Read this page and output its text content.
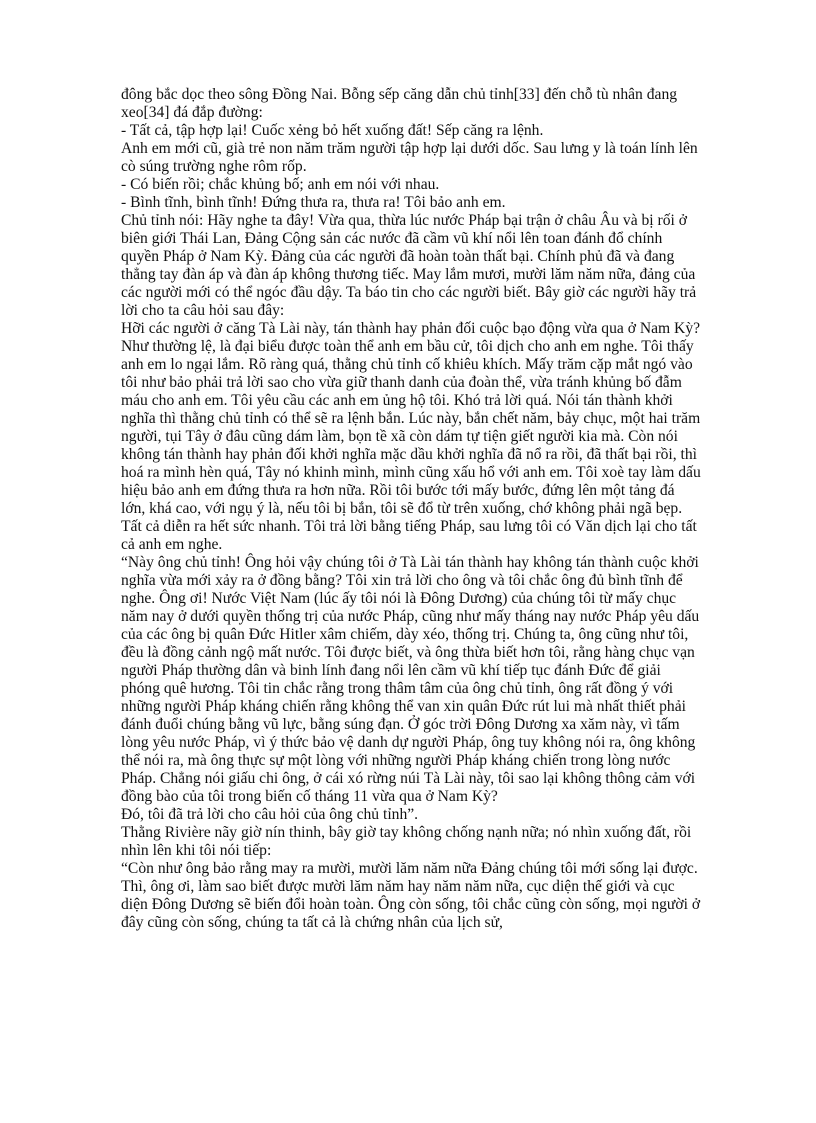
đông bắc dọc theo sông Đồng Nai. Bỗng sếp căng dẫn chủ tỉnh[33] đến chỗ tù nhân đang xeo[34] đá đắp đường:

- Tất cả, tập hợp lại! Cuốc xẻng bỏ hết xuống đất! Sếp căng ra lệnh.

Anh em mới cũ, già trẻ non năm trăm người tập hợp lại dưới dốc. Sau lưng y là toán lính lên cò súng trường nghe rôm rốp.

- Có biến rồi; chắc khủng bố; anh em nói với nhau.

- Bình tĩnh, bình tĩnh! Đứng thưa ra, thưa ra! Tôi bảo anh em.

Chủ tỉnh nói: Hãy nghe ta đây! Vừa qua, thừa lúc nước Pháp bại trận ở châu Âu và bị rối ở biên giới Thái Lan, Đảng Cộng sản các nước đã cầm vũ khí nổi lên toan đánh đổ chính quyền Pháp ở Nam Kỳ. Đảng của các người đã hoàn toàn thất bại. Chính phủ đã và đang thẳng tay đàn áp và đàn áp không thương tiếc. May lắm mươi, mười lăm năm nữa, đảng của các người mới có thể ngóc đầu dậy. Ta báo tin cho các người biết. Bây giờ các người hãy trả lời cho ta câu hỏi sau đây:

Hỡi các người ở căng Tà Lài này, tán thành hay phản đối cuộc bạo động vừa qua ở Nam Kỳ?

Như thường lệ, là đại biểu được toàn thể anh em bầu cử, tôi dịch cho anh em nghe. Tôi thấy anh em lo ngại lắm. Rõ ràng quá, thằng chủ tỉnh cố khiêu khích. Mấy trăm cặp mắt ngó vào tôi như bảo phải trả lời sao cho vừa giữ thanh danh của đoàn thể, vừa tránh khủng bố đẫm máu cho anh em. Tôi yêu cầu các anh em ủng hộ tôi. Khó trả lời quá. Nói tán thành khởi nghĩa thì thằng chủ tỉnh có thể sẽ ra lệnh bắn. Lúc này, bắn chết năm, bảy chục, một hai trăm người, tụi Tây ở đâu cũng dám làm, bọn tề xã còn dám tự tiện giết người kia mà. Còn nói không tán thành hay phản đối khởi nghĩa mặc dầu khởi nghĩa đã nổ ra rồi, đã thất bại rồi, thì hoá ra mình hèn quá, Tây nó khinh mình, mình cũng xấu hổ với anh em. Tôi xoè tay làm dấu hiệu bảo anh em đứng thưa ra hơn nữa. Rồi tôi bước tới mấy bước, đứng lên một tảng đá lớn, khá cao, với ngụ ý là, nếu tôi bị bắn, tôi sẽ đổ từ trên xuống, chớ không phải ngã bẹp. Tất cả diễn ra hết sức nhanh. Tôi trả lời bằng tiếng Pháp, sau lưng tôi có Văn dịch lại cho tất cả anh em nghe.

“Này ông chủ tỉnh! Ông hỏi vậy chúng tôi ở Tà Lài tán thành hay không tán thành cuộc khởi nghĩa vừa mới xảy ra ở đồng bằng? Tôi xin trả lời cho ông và tôi chắc ông đủ bình tĩnh để nghe. Ông ơi! Nước Việt Nam (lúc ấy tôi nói là Đông Dương) của chúng tôi từ mấy chục năm nay ở dưới quyền thống trị của nước Pháp, cũng như mấy tháng nay nước Pháp yêu dấu của các ông bị quân Đức Hitler xâm chiếm, dày xéo, thống trị. Chúng ta, ông cũng như tôi, đều là đồng cảnh ngộ mất nước. Tôi được biết, và ông thừa biết hơn tôi, rằng hàng chục vạn người Pháp thường dân và binh lính đang nổi lên cầm vũ khí tiếp tục đánh Đức để giải phóng quê hương. Tôi tin chắc rằng trong thâm tâm của ông chủ tỉnh, ông rất đồng ý với những người Pháp kháng chiến rằng không thể van xin quân Đức rút lui mà nhất thiết phải đánh đuổi chúng bằng vũ lực, bằng súng đạn. Ở góc trời Đông Dương xa xăm này, vì tấm lòng yêu nước Pháp, vì ý thức bảo vệ danh dự người Pháp, ông tuy không nói ra, ông không thể nói ra, mà ông thực sự một lòng với những người Pháp kháng chiến trong lòng nước Pháp. Chẳng nói giấu chi ông, ở cái xó rừng núi Tà Lài này, tôi sao lại không thông cảm với đồng bào của tôi trong biến cố tháng 11 vừa qua ở Nam Kỳ?

Đó, tôi đã trả lời cho câu hỏi của ông chủ tỉnh”.

Thằng Rivière nãy giờ nín thinh, bây giờ tay không chống nạnh nữa; nó nhìn xuống đất, rồi nhìn lên khi tôi nói tiếp:

“Còn như ông bảo rằng may ra mười, mười lăm năm nữa Đảng chúng tôi mới sống lại được. Thì, ông ơi, làm sao biết được mười lăm năm hay năm năm nữa, cục diện thế giới và cục diện Đông Dương sẽ biến đổi hoàn toàn. Ông còn sống, tôi chắc cũng còn sống, mọi người ở đây cũng còn sống, chúng ta tất cả là chứng nhân của lịch sử,
